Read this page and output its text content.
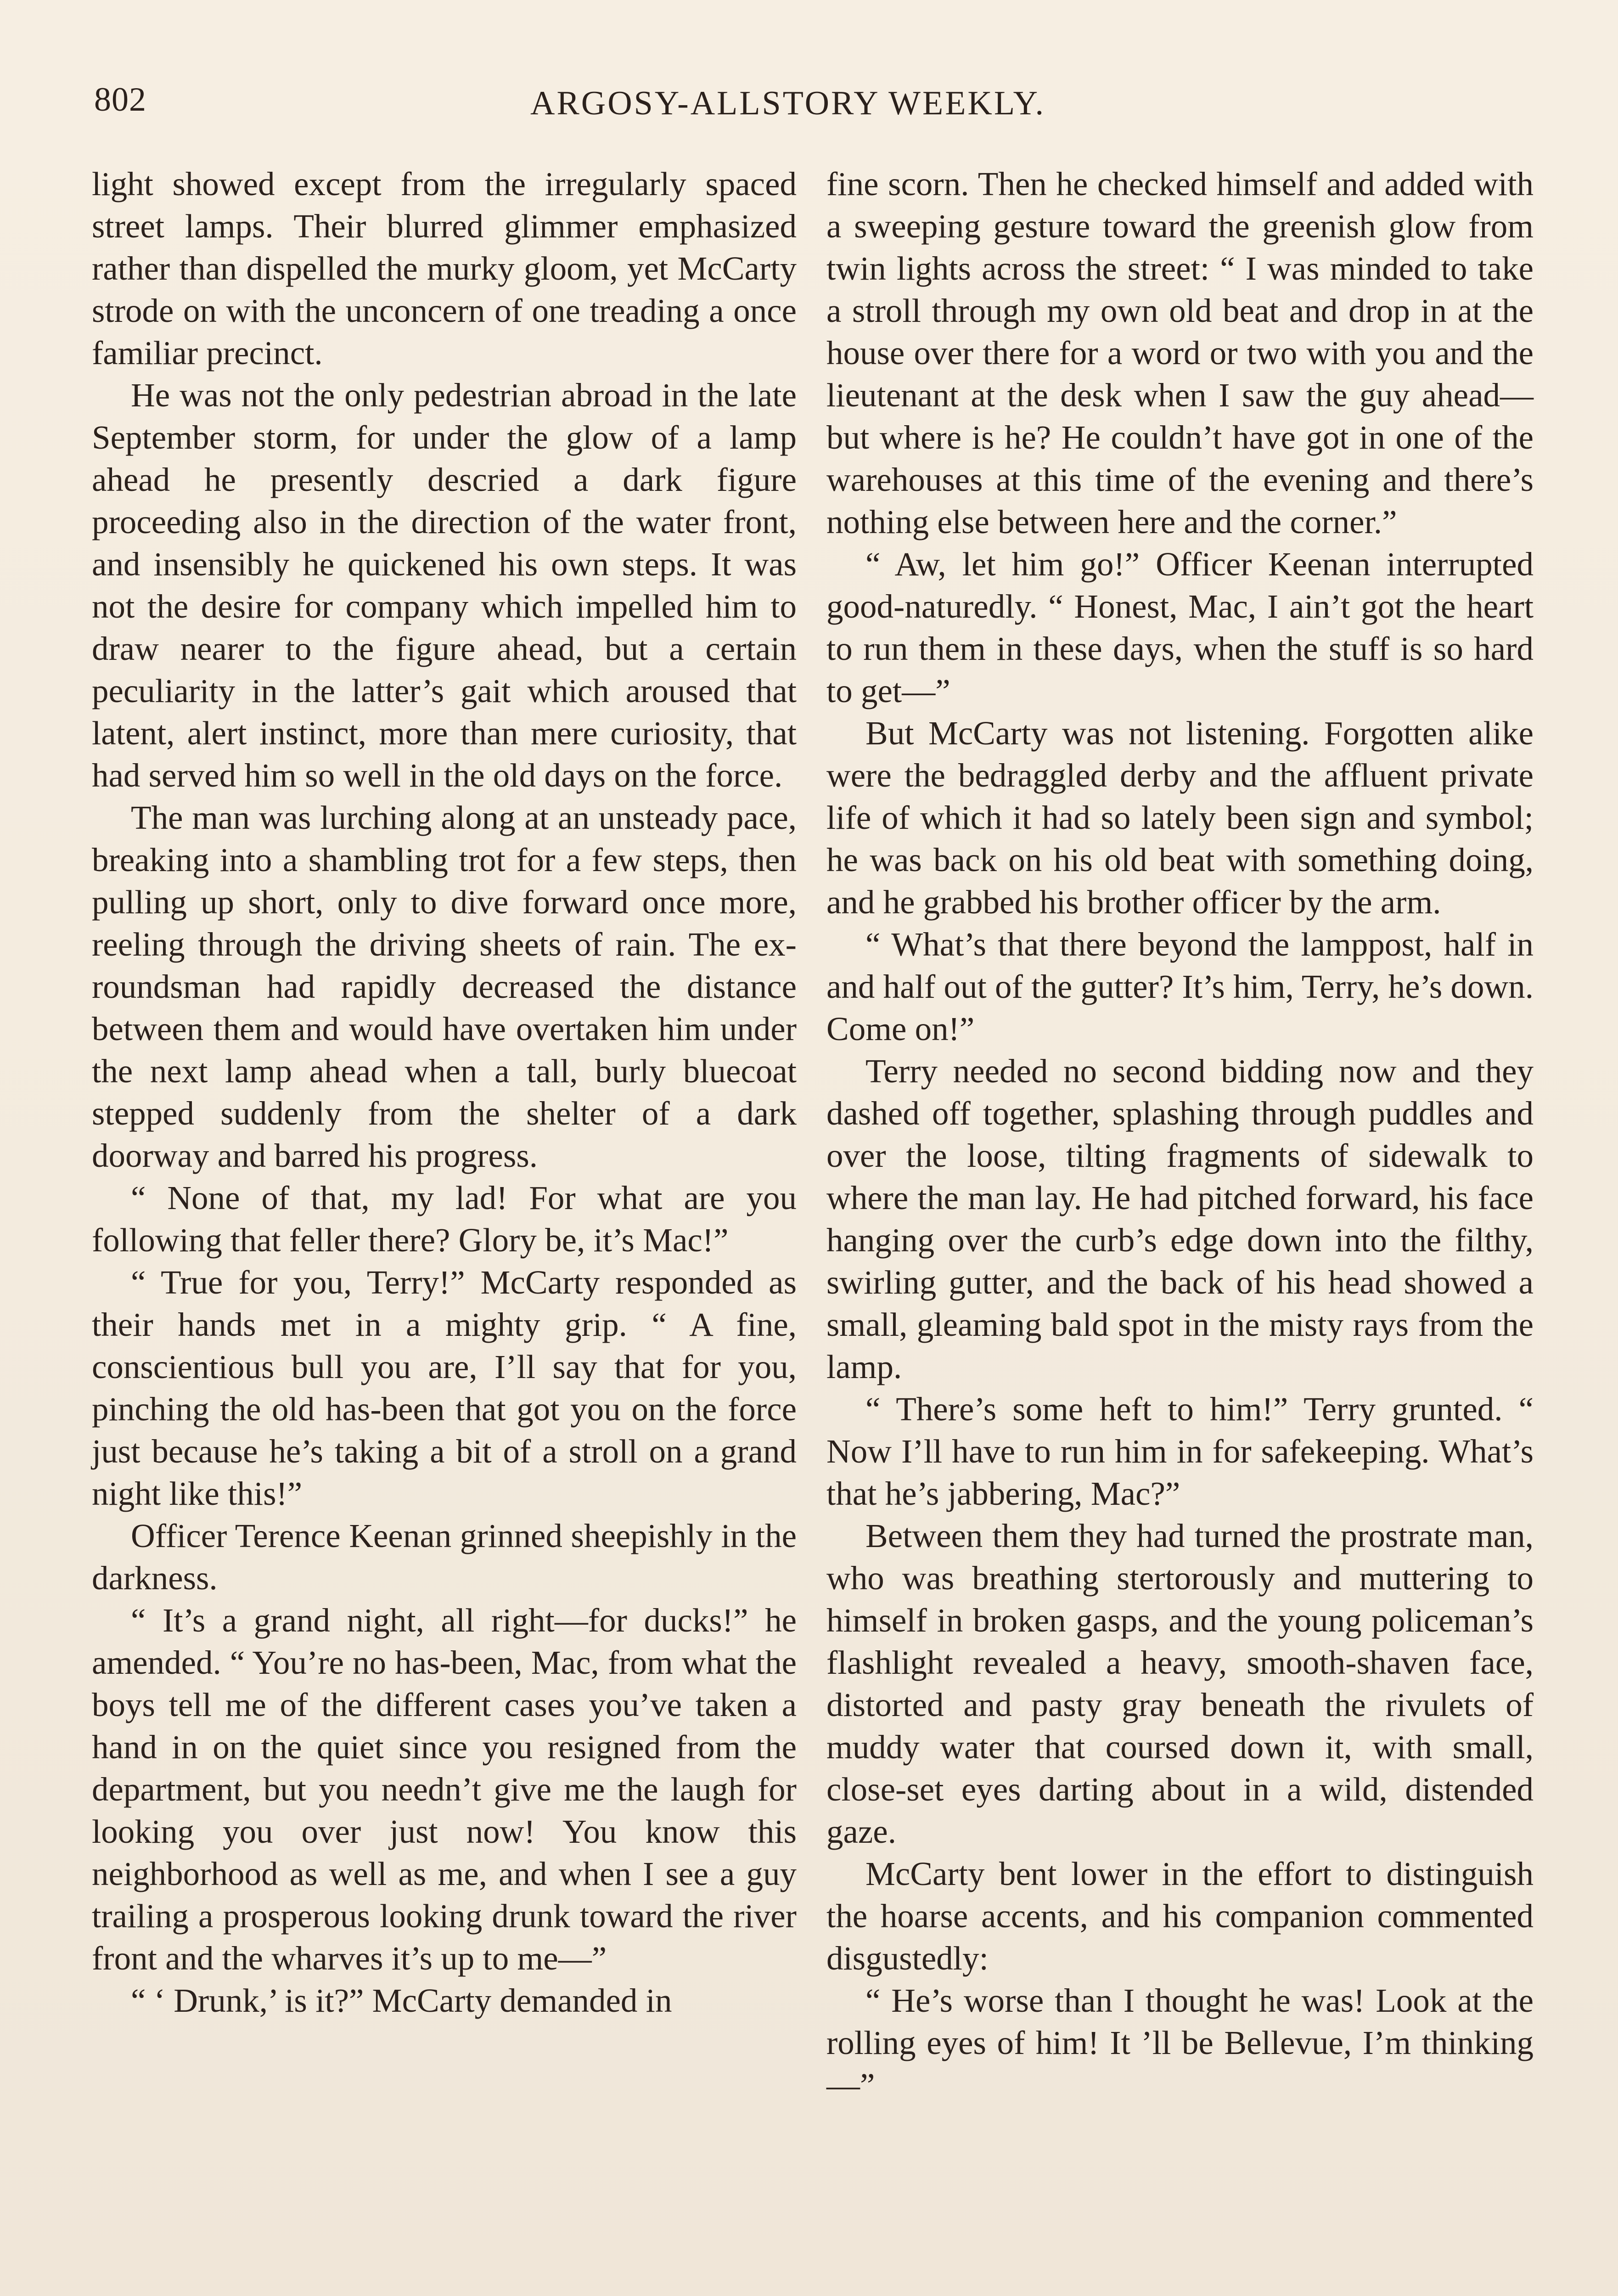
802	ARGOSY-ALLSTORY WEEKLY.

light showed except from the irregularly spaced street lamps. Their blurred glimmer emphasized rather than dispelled the murky gloom, yet McCarty strode on with the unconcern of one treading a once familiar precinct.

He was not the only pedestrian abroad in the late September storm, for under the glow of a lamp ahead he presently descried a dark figure proceeding also in the direction of the water front, and insensibly he quickened his own steps. It was not the desire for company which impelled him to draw nearer to the figure ahead, but a certain peculiarity in the latter’s gait which aroused that latent, alert instinct, more than mere curiosity, that had served him so well in the old days on the force.

The man was lurching along at an unsteady pace, breaking into a shambling trot for a few steps, then pulling up short, only to dive forward once more, reeling through the driving sheets of rain. The ex-roundsman had rapidly decreased the distance between them and would have overtaken him under the next lamp ahead when a tall, burly bluecoat stepped suddenly from the shelter of a dark doorway and barred his progress.

“ None of that, my lad! For what are you following that feller there? Glory be, it’s Mac!”

“ True for you, Terry!” McCarty responded as their hands met in a mighty grip. “ A fine, conscientious bull you are, I’ll say that for you, pinching the old has-been that got you on the force just because he’s taking a bit of a stroll on a grand night like this!”

Officer Terence Keenan grinned sheepishly in the darkness.

“ It’s a grand night, all right—for ducks!” he amended. “ You’re no has-been, Mac, from what the boys tell me of the different cases you’ve taken a hand in on the quiet since you resigned from the department, but you needn’t give me the laugh for looking you over just now! You know this neighborhood as well as me, and when I see a guy trailing a prosperous looking drunk toward the river front and the wharves it’s up to me—”

“ ‘ Drunk,’ is it?” McCarty demanded in

fine scorn. Then he checked himself and added with a sweeping gesture toward the greenish glow from twin lights across the street: “ I was minded to take a stroll through my own old beat and drop in at the house over there for a word or two with you and the lieutenant at the desk when I saw the guy ahead—but where is he? He couldn’t have got in one of the warehouses at this time of the evening and there’s nothing else between here and the corner.”

“ Aw, let him go!” Officer Keenan interrupted good-naturedly. “ Honest, Mac, I ain’t got the heart to run them in these days, when the stuff is so hard to get—”

But McCarty was not listening. Forgotten alike were the bedraggled derby and the affluent private life of which it had so lately been sign and symbol; he was back on his old beat with something doing, and he grabbed his brother officer by the arm.

“ What’s that there beyond the lamppost, half in and half out of the gutter? It’s him, Terry, he’s down. Come on!”

Terry needed no second bidding now and they dashed off together, splashing through puddles and over the loose, tilting fragments of sidewalk to where the man lay. He had pitched forward, his face hanging over the curb’s edge down into the filthy, swirling gutter, and the back of his head showed a small, gleaming bald spot in the misty rays from the lamp.

“ There’s some heft to him!” Terry grunted. “ Now I’ll have to run him in for safekeeping. What’s that he’s jabbering, Mac?”

Between them they had turned the prostrate man, who was breathing stertorously and muttering to himself in broken gasps, and the young policeman’s flashlight revealed a heavy, smooth-shaven face, distorted and pasty gray beneath the rivulets of muddy water that coursed down it, with small, close-set eyes darting about in a wild, distended gaze.

McCarty bent lower in the effort to distinguish the hoarse accents, and his companion commented disgustedly:

“ He’s worse than I thought he was! Look at the rolling eyes of him! It ’ll be Bellevue, I’m thinking—”
